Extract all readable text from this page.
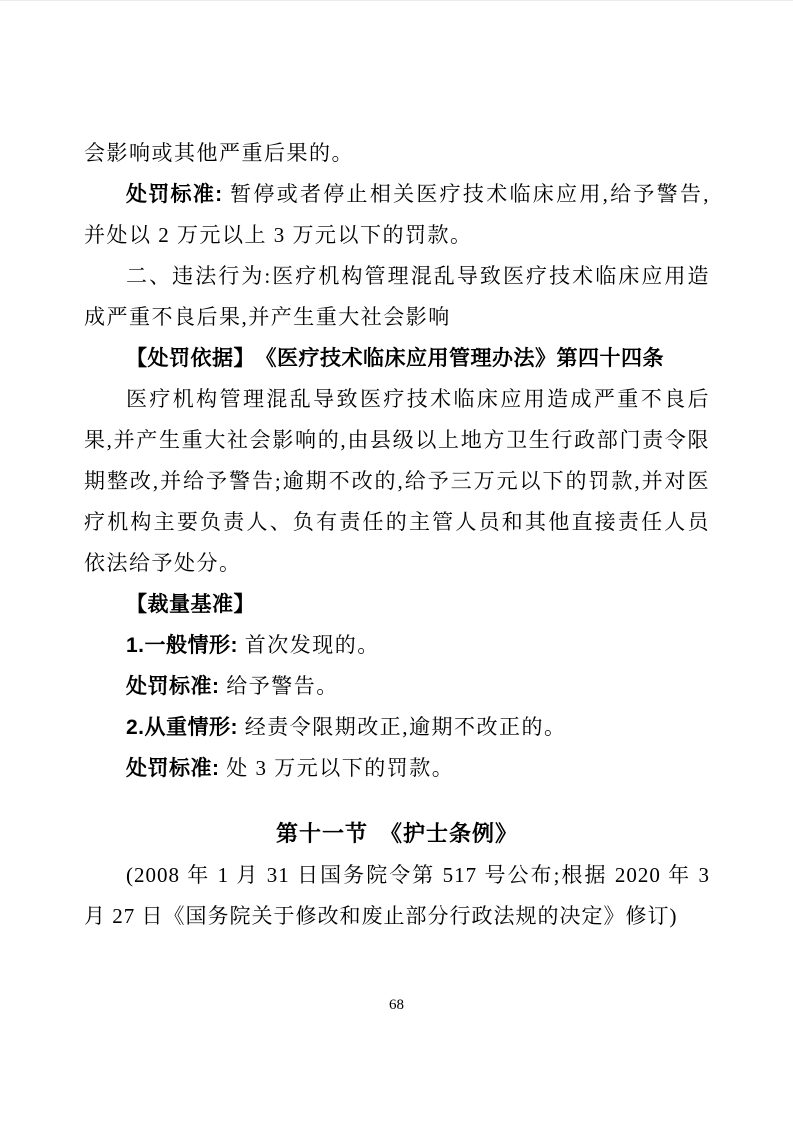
会影响或其他严重后果的。

处罚标准: 暂停或者停止相关医疗技术临床应用,给予警告,并处以 2 万元以上 3 万元以下的罚款。

二、违法行为:医疗机构管理混乱导致医疗技术临床应用造成严重不良后果,并产生重大社会影响

【处罚依据】　《医疗技术临床应用管理办法》第四十四条

医疗机构管理混乱导致医疗技术临床应用造成严重不良后果,并产生重大社会影响的,由县级以上地方卫生行政部门责令限期整改,并给予警告;逾期不改的,给予三万元以下的罚款,并对医疗机构主要负责人、负有责任的主管人员和其他直接责任人员依法给予处分。

【裁量基准】

1.一般情形: 首次发现的。

处罚标准: 给予警告。

2.从重情形: 经责令限期改正,逾期不改正的。

处罚标准: 处 3 万元以下的罚款。

第十一节　《护士条例》

(2008 年 1 月 31 日国务院令第 517 号公布;根据 2020 年 3 月 27 日《国务院关于修改和废止部分行政法规的决定》修订)

68
